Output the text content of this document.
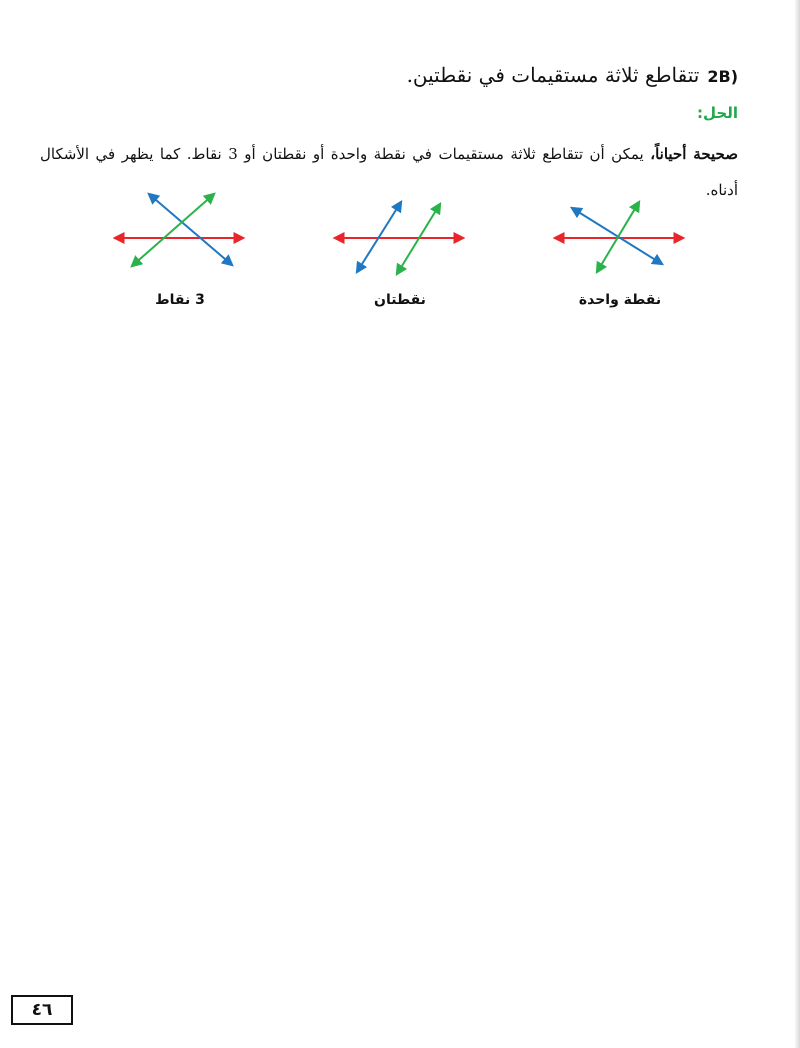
2B)تتقاطع ثلاثة مستقيمات في نقطتين.
الحل:
صحيحة أحياناً، يمكن أن تتقاطع ثلاثة مستقيمات في نقطة واحدة أو نقطتان أو 3 نقاط. كما يظهر في الأشكال أدناه.
نقطة واحدة
نقطتان
3 نقاط
٤٦
